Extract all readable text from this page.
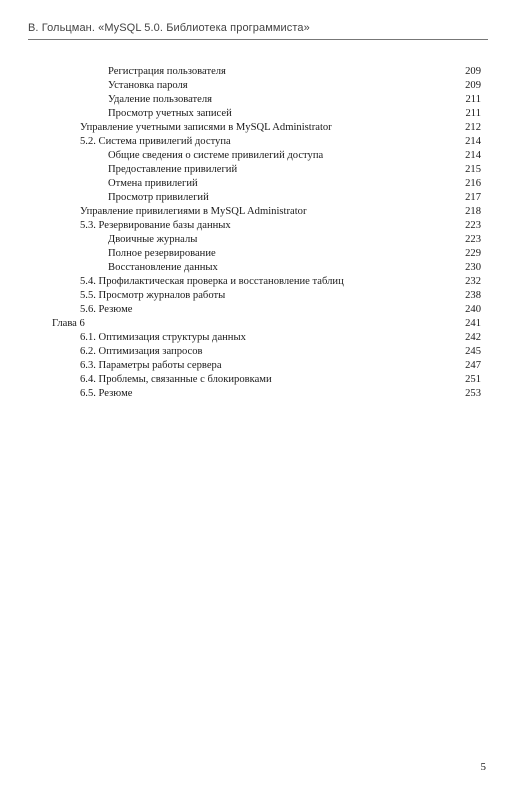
В. Гольцман. «MySQL 5.0. Библиотека программиста»
Регистрация пользователя	209
Установка пароля	209
Удаление пользователя	211
Просмотр учетных записей	211
Управление учетными записями в MySQL Administrator	212
5.2. Система привилегий доступа	214
Общие сведения о системе привилегий доступа	214
Предоставление привилегий	215
Отмена привилегий	216
Просмотр привилегий	217
Управление привилегиями в MySQL Administrator	218
5.3. Резервирование базы данных	223
Двоичные журналы	223
Полное резервирование	229
Восстановление данных	230
5.4. Профилактическая проверка и восстановление таблиц	232
5.5. Просмотр журналов работы	238
5.6. Резюме	240
Глава 6	241
6.1. Оптимизация структуры данных	242
6.2. Оптимизация запросов	245
6.3. Параметры работы сервера	247
6.4. Проблемы, связанные с блокировками	251
6.5. Резюме	253
5
